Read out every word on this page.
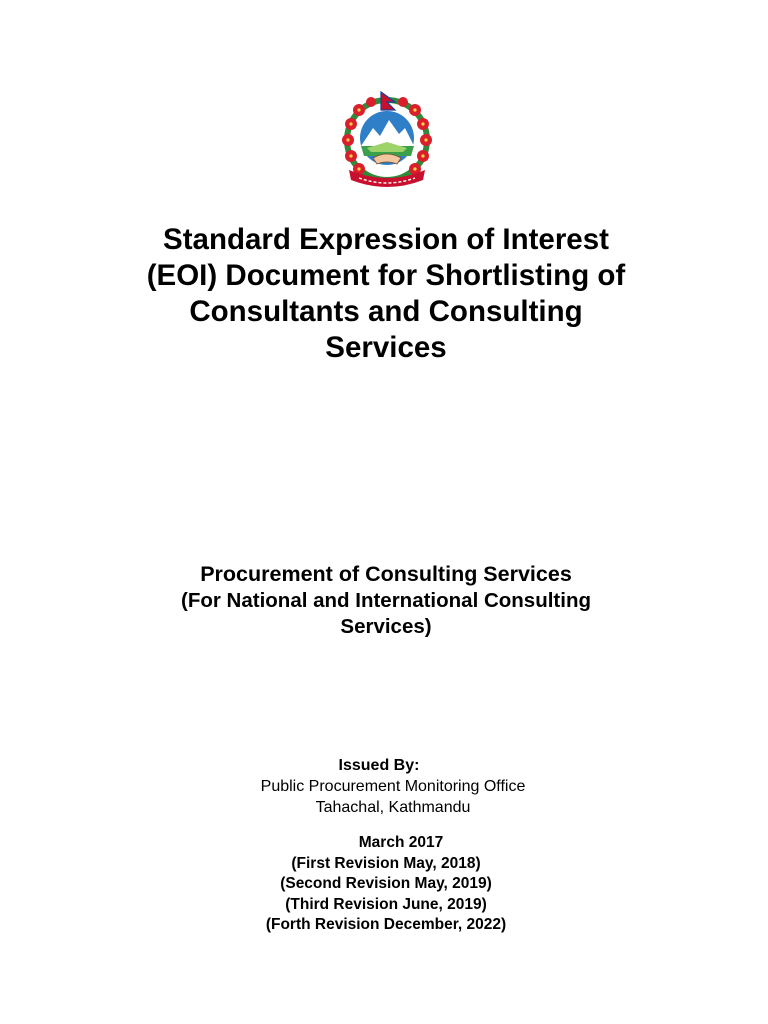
Standard Expression of Interest
(EOI) Document for Shortlisting of
Consultants and Consulting
Services
Procurement of Consulting Services
(For National and International Consulting
Services)
Issued By:
Public Procurement Monitoring Office
Tahachal, Kathmandu
March 2017
(First Revision May, 2018)
(Second Revision May, 2019)
(Third Revision June, 2019)
(Forth Revision December, 2022)
